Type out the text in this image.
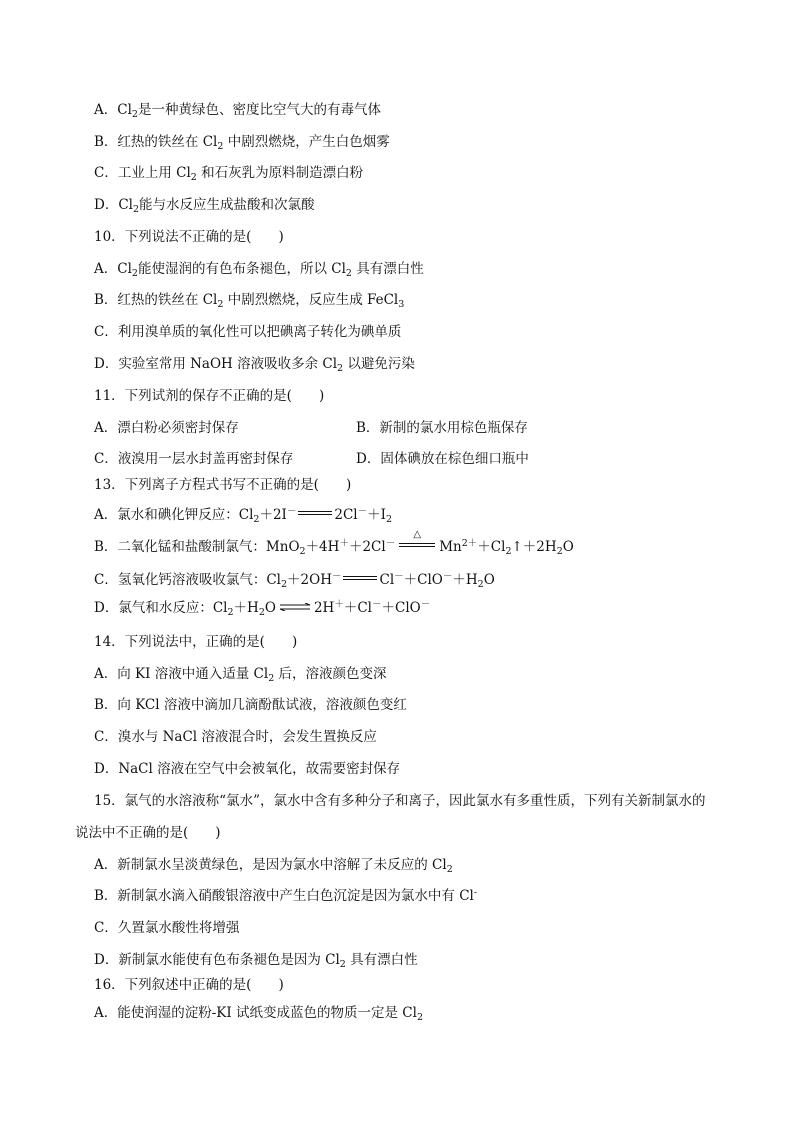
A．$Cl_2$是一种黄绿色、密度比空气大的有毒气体
B．红热的铁丝在 $Cl_2$ 中剧烈燃烧，产生白色烟雾
C．工业上用 $Cl_2$ 和石灰乳为原料制造漂白粉
D．$Cl_2$能与水反应生成盐酸和次氯酸
10．下列说法不正确的是(　　)
A．$Cl_2$能使湿润的有色布条褪色，所以 $Cl_2$ 具有漂白性
B．红热的铁丝在 $Cl_2$ 中剧烈燃烧，反应生成 FeCl$_3$
C．利用溴单质的氧化性可以把碘离子转化为碘单质
D．实验室常用 NaOH 溶液吸收多余 $Cl_2$ 以避免污染
11．下列试剂的保存不正确的是(　　)
A．漂白粉必须密封保存	B．新制的氯水用棕色瓶保存
C．液溴用一层水封盖再密封保存	D．固体碘放在棕色细口瓶中
13．下列离子方程式书写不正确的是(　　)
A．氯水和碘化钾反应：$Cl_2+2I^-$	$2Cl^-+I_2$
B．二氧化锰和盐酸制氯气：MnO$_2$＋4H＋＋2Cl－
△
$Mn^{2+}+Cl_2↑+2H_2O$
C．氢氧化钙溶液吸收氯气：$Cl_2+2OH^-$	$Cl^-+ClO^-+H_2O$
D．氯气和水反应：$Cl_2+H_2O$	2H＋＋Cl－＋ClO－
14．下列说法中，正确的是(　　)
A．向 KI 溶液中通入适量 $Cl_2$ 后，溶液颜色变深
B．向 KCl 溶液中滴加几滴酚酞试液，溶液颜色变红
C．溴水与 NaCl 溶液混合时，会发生置换反应
D．NaCl 溶液在空气中会被氧化，故需要密封保存
15．氯气的水溶液称“氯水”，氯水中含有多种分子和离子，因此氯水有多重性质，下列有关新制氯水的
说法中不正确的是(　　)
A．新制氯水呈淡黄绿色，是因为氯水中溶解了未反应的 $Cl_2$
B．新制氯水滴入硝酸银溶液中产生白色沉淀是因为氯水中有 Cl-
C．久置氯水酸性将增强
D．新制氯水能使有色布条褪色是因为 $Cl_2$ 具有漂白性
16．下列叙述中正确的是(　　)
A．能使润湿的淀粉-KI 试纸变成蓝色的物质一定是 $Cl_2$
